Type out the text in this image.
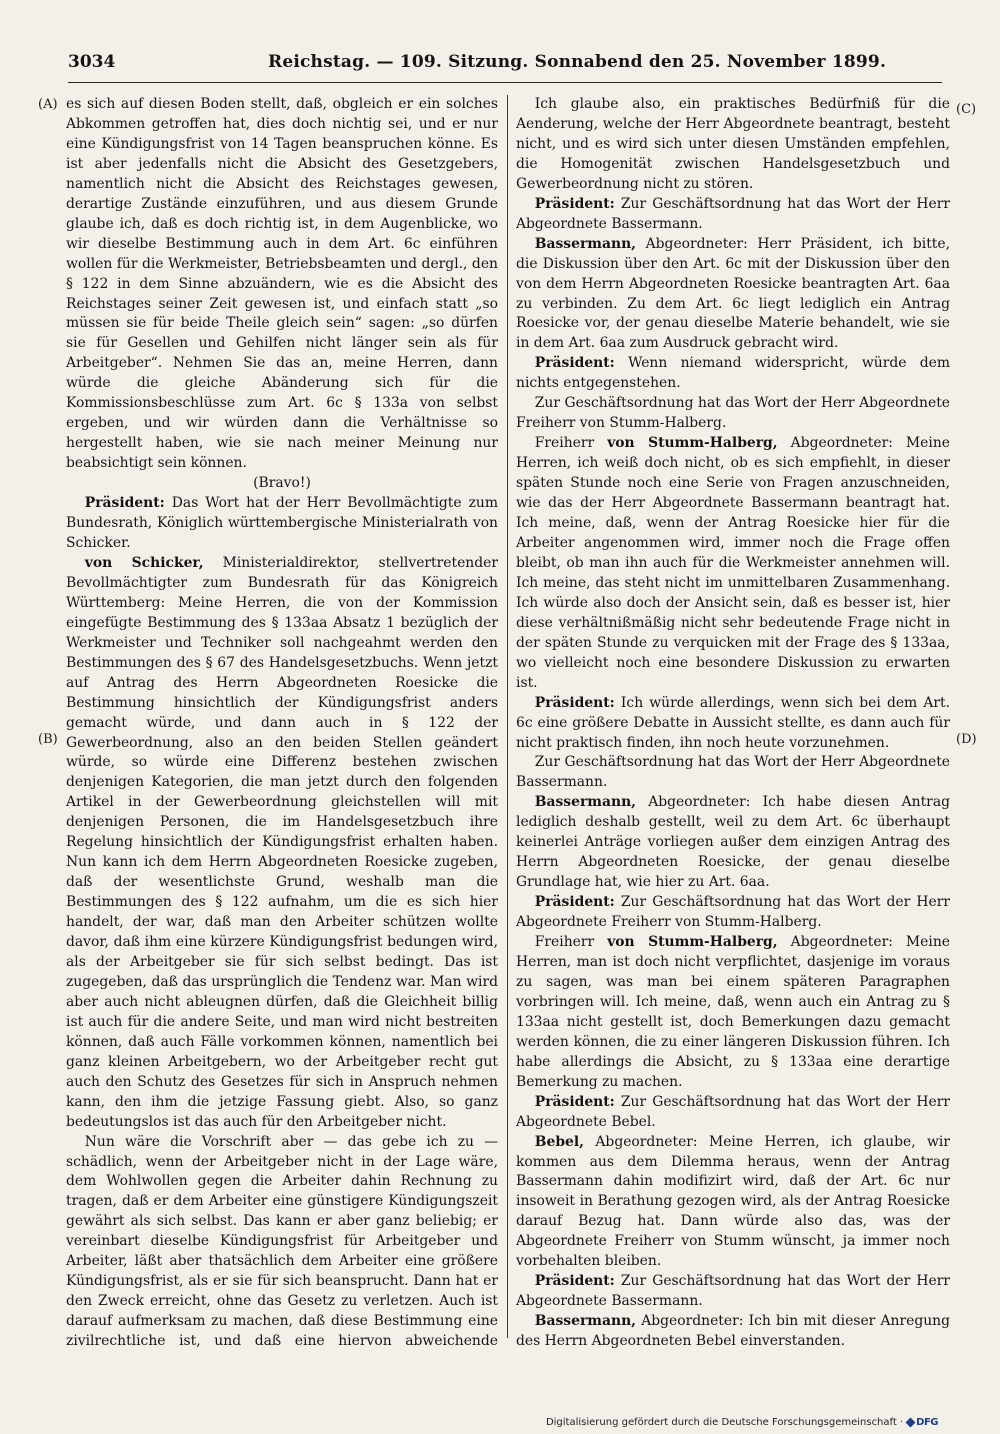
3034	Reichstag. — 109. Sitzung. Sonnabend den 25. November 1899.
(A)
(B)
(C)
(D)

es sich auf diesen Boden stellt, daß, obgleich er ein solches Abkommen getroffen hat, dies doch nichtig sei, und er nur eine Kündigungsfrist von 14 Tagen beanspruchen könne. Es ist aber jedenfalls nicht die Absicht des Gesetzgebers, namentlich nicht die Absicht des Reichstages gewesen, derartige Zustände einzuführen, und aus diesem Grunde glaube ich, daß es doch richtig ist, in dem Augenblicke, wo wir dieselbe Bestimmung auch in dem Art. 6c einführen wollen für die Werkmeister, Betriebsbeamten und dergl., den § 122 in dem Sinne abzuändern, wie es die Absicht des Reichstages seiner Zeit gewesen ist, und einfach statt „so müssen sie für beide Theile gleich sein“ sagen: „so dürfen sie für Gesellen und Gehilfen nicht länger sein als für Arbeitgeber“. Nehmen Sie das an, meine Herren, dann würde die gleiche Abänderung sich für die Kommissionsbeschlüsse zum Art. 6c § 133a von selbst ergeben, und wir würden dann die Verhältnisse so hergestellt haben, wie sie nach meiner Meinung nur beabsichtigt sein können.

(Bravo!)

Präsident: Das Wort hat der Herr Bevollmächtigte zum Bundesrath, Königlich württembergische Ministerialrath von Schicker.

von Schicker, Ministerialdirektor, stellvertretender Bevollmächtigter zum Bundesrath für das Königreich Württemberg: Meine Herren, die von der Kommission eingefügte Bestimmung des § 133aa Absatz 1 bezüglich der Werkmeister und Techniker soll nachgeahmt werden den Bestimmungen des § 67 des Handelsgesetzbuchs. Wenn jetzt auf Antrag des Herrn Abgeordneten Roesicke die Bestimmung hinsichtlich der Kündigungsfrist anders gemacht würde, und dann auch in § 122 der Gewerbeordnung, also an den beiden Stellen geändert würde, so würde eine Differenz bestehen zwischen denjenigen Kategorien, die man jetzt durch den folgenden Artikel in der Gewerbeordnung gleichstellen will mit denjenigen Personen, die im Handelsgesetzbuch ihre Regelung hinsichtlich der Kündigungsfrist erhalten haben. Nun kann ich dem Herrn Abgeordneten Roesicke zugeben, daß der wesentlichste Grund, weshalb man die Bestimmungen des § 122 aufnahm, um die es sich hier handelt, der war, daß man den Arbeiter schützen wollte davor, daß ihm eine kürzere Kündigungsfrist bedungen wird, als der Arbeitgeber sie für sich selbst bedingt. Das ist zugegeben, daß das ursprünglich die Tendenz war. Man wird aber auch nicht ableugnen dürfen, daß die Gleichheit billig ist auch für die andere Seite, und man wird nicht bestreiten können, daß auch Fälle vorkommen können, namentlich bei ganz kleinen Arbeitgebern, wo der Arbeitgeber recht gut auch den Schutz des Gesetzes für sich in Anspruch nehmen kann, den ihm die jetzige Fassung giebt. Also, so ganz bedeutungslos ist das auch für den Arbeitgeber nicht.

Nun wäre die Vorschrift aber — das gebe ich zu — schädlich, wenn der Arbeitgeber nicht in der Lage wäre, dem Wohlwollen gegen die Arbeiter dahin Rechnung zu tragen, daß er dem Arbeiter eine günstigere Kündigungszeit gewährt als sich selbst. Das kann er aber ganz beliebig; er vereinbart dieselbe Kündigungsfrist für Arbeitgeber und Arbeiter, läßt aber thatsächlich dem Arbeiter eine größere Kündigungsfrist, als er sie für sich beansprucht. Dann hat er den Zweck erreicht, ohne das Gesetz zu verletzen. Auch ist darauf aufmerksam zu machen, daß diese Bestimmung eine zivilrechtliche ist, und daß eine hiervon abweichende

Ich glaube also, ein praktisches Bedürfniß für die Aenderung, welche der Herr Abgeordnete beantragt, besteht nicht, und es wird sich unter diesen Umständen empfehlen, die Homogenität zwischen Handelsgesetzbuch und Gewerbeordnung nicht zu stören.

Präsident: Zur Geschäftsordnung hat das Wort der Herr Abgeordnete Bassermann.

Bassermann, Abgeordneter: Herr Präsident, ich bitte, die Diskussion über den Art. 6c mit der Diskussion über den von dem Herrn Abgeordneten Roesicke beantragten Art. 6aa zu verbinden. Zu dem Art. 6c liegt lediglich ein Antrag Roesicke vor, der genau dieselbe Materie behandelt, wie sie in dem Art. 6aa zum Ausdruck gebracht wird.

Präsident: Wenn niemand widerspricht, würde dem nichts entgegenstehen.

Zur Geschäftsordnung hat das Wort der Herr Abgeordnete Freiherr von Stumm-Halberg.

Freiherr von Stumm-Halberg, Abgeordneter: Meine Herren, ich weiß doch nicht, ob es sich empfiehlt, in dieser späten Stunde noch eine Serie von Fragen anzuschneiden, wie das der Herr Abgeordnete Bassermann beantragt hat. Ich meine, daß, wenn der Antrag Roesicke hier für die Arbeiter angenommen wird, immer noch die Frage offen bleibt, ob man ihn auch für die Werkmeister annehmen will. Ich meine, das steht nicht im unmittelbaren Zusammenhang. Ich würde also doch der Ansicht sein, daß es besser ist, hier diese verhältnißmäßig nicht sehr bedeutende Frage nicht in der späten Stunde zu verquicken mit der Frage des § 133aa, wo vielleicht noch eine besondere Diskussion zu erwarten ist.

Präsident: Ich würde allerdings, wenn sich bei dem Art. 6c eine größere Debatte in Aussicht stellte, es dann auch für nicht praktisch finden, ihn noch heute vorzunehmen.

Zur Geschäftsordnung hat das Wort der Herr Abgeordnete Bassermann.

Bassermann, Abgeordneter: Ich habe diesen Antrag lediglich deshalb gestellt, weil zu dem Art. 6c überhaupt keinerlei Anträge vorliegen außer dem einzigen Antrag des Herrn Abgeordneten Roesicke, der genau dieselbe Grundlage hat, wie hier zu Art. 6aa.

Präsident: Zur Geschäftsordnung hat das Wort der Herr Abgeordnete Freiherr von Stumm-Halberg.

Freiherr von Stumm-Halberg, Abgeordneter: Meine Herren, man ist doch nicht verpflichtet, dasjenige im voraus zu sagen, was man bei einem späteren Paragraphen vorbringen will. Ich meine, daß, wenn auch ein Antrag zu § 133aa nicht gestellt ist, doch Bemerkungen dazu gemacht werden können, die zu einer längeren Diskussion führen. Ich habe allerdings die Absicht, zu § 133aa eine derartige Bemerkung zu machen.

Präsident: Zur Geschäftsordnung hat das Wort der Herr Abgeordnete Bebel.

Bebel, Abgeordneter: Meine Herren, ich glaube, wir kommen aus dem Dilemma heraus, wenn der Antrag Bassermann dahin modifizirt wird, daß der Art. 6c nur insoweit in Berathung gezogen wird, als der Antrag Roesicke darauf Bezug hat. Dann würde also das, was der Abgeordnete Freiherr von Stumm wünscht, ja immer noch vorbehalten bleiben.

Präsident: Zur Geschäftsordnung hat das Wort der Herr Abgeordnete Bassermann.

Bassermann, Abgeordneter: Ich bin mit dieser Anregung des Herrn Abgeordneten Bebel einverstanden.

Digitalisierung gefördert durch die Deutsche Forschungsgemeinschaft · DFG
